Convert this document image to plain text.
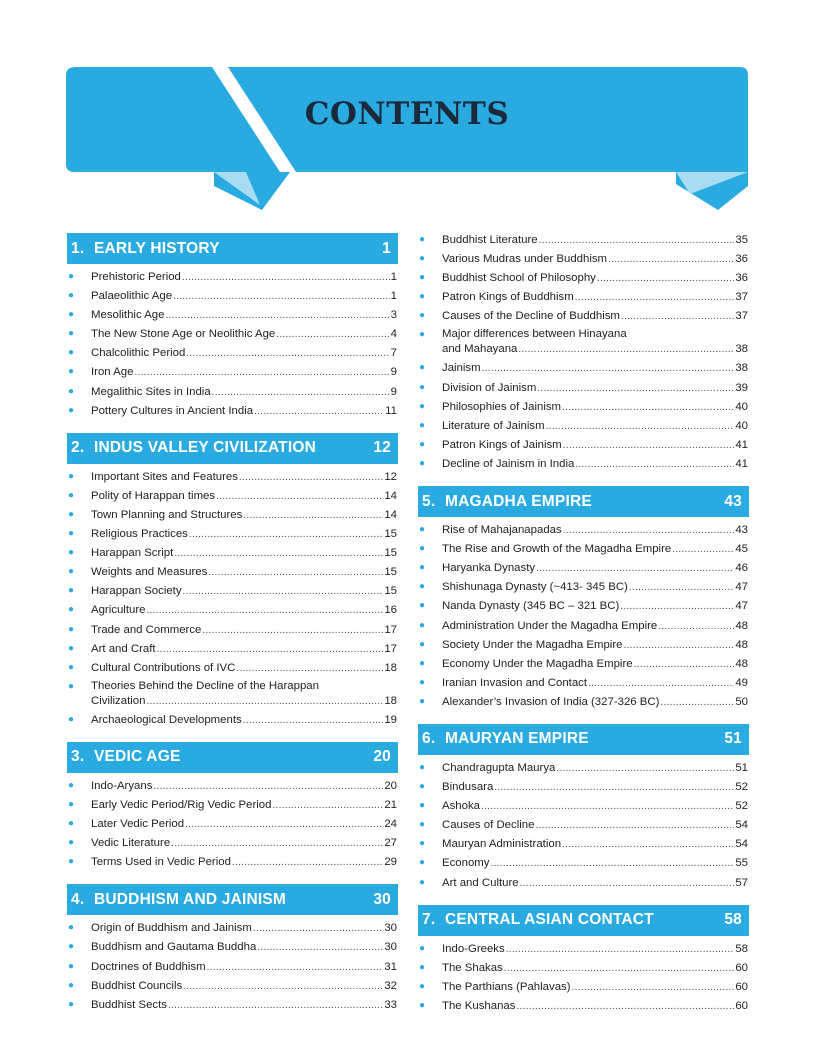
CONTENTS
1. EARLY HISTORY	1
● Prehistoric Period .....	1
● Palaeolithic Age .....	1
● Mesolithic Age .....	3
● The New Stone Age or Neolithic Age .....	4
● Chalcolithic Period .....	7
● Iron Age .....	9
● Megalithic Sites in India .....	9
● Pottery Cultures in Ancient India .....	11
2. INDUS VALLEY CIVILIZATION	12
● Important Sites and Features .....	12
● Polity of Harappan times .....	14
● Town Planning and Structures .....	14
● Religious Practices .....	15
● Harappan Script .....	15
● Weights and Measures .....	15
● Harappan Society .....	15
● Agriculture .....	16
● Trade and Commerce .....	17
● Art and Craft .....	17
● Cultural Contributions of IVC .....	18
● Theories Behind the Decline of the Harappan
Civilization .....	18
● Archaeological Developments .....	19
3. VEDIC AGE	20
● Indo-Aryans .....	20
● Early Vedic Period/Rig Vedic Period .....	21
● Later Vedic Period .....	24
● Vedic Literature .....	27
● Terms Used in Vedic Period .....	29
4. BUDDHISM AND JAINISM	30
● Origin of Buddhism and Jainism .....	30
● Buddhism and Gautama Buddha .....	30
● Doctrines of Buddhism .....	31
● Buddhist Councils .....	32
● Buddhist Sects .....	33
● Buddhist Literature .....	35
● Various Mudras under Buddhism .....	36
● Buddhist School of Philosophy .....	36
● Patron Kings of Buddhism .....	37
● Causes of the Decline of Buddhism .....	37
● Major differences between Hinayana
and Mahayana .....	38
● Jainism .....	38
● Division of Jainism .....	39
● Philosophies of Jainism .....	40
● Literature of Jainism .....	40
● Patron Kings of Jainism .....	41
● Decline of Jainism in India .....	41
5. MAGADHA EMPIRE	43
● Rise of Mahajanapadas .....	43
● The Rise and Growth of the Magadha Empire .....	45
● Haryanka Dynasty .....	46
● Shishunaga Dynasty (~413- 345 BC) .....	47
● Nanda Dynasty (345 BC – 321 BC) .....	47
● Administration Under the Magadha Empire .....	48
● Society Under the Magadha Empire .....	48
● Economy Under the Magadha Empire .....	48
● Iranian Invasion and Contact .....	49
● Alexander’s Invasion of India (327-326 BC) .....	50
6. MAURYAN EMPIRE	51
● Chandragupta Maurya .....	51
● Bindusara .....	52
● Ashoka .....	52
● Causes of Decline .....	54
● Mauryan Administration .....	54
● Economy .....	55
● Art and Culture .....	57
7. CENTRAL ASIAN CONTACT	58
● Indo-Greeks .....	58
● The Shakas .....	60
● The Parthians (Pahlavas) .....	60
● The Kushanas .....	60
